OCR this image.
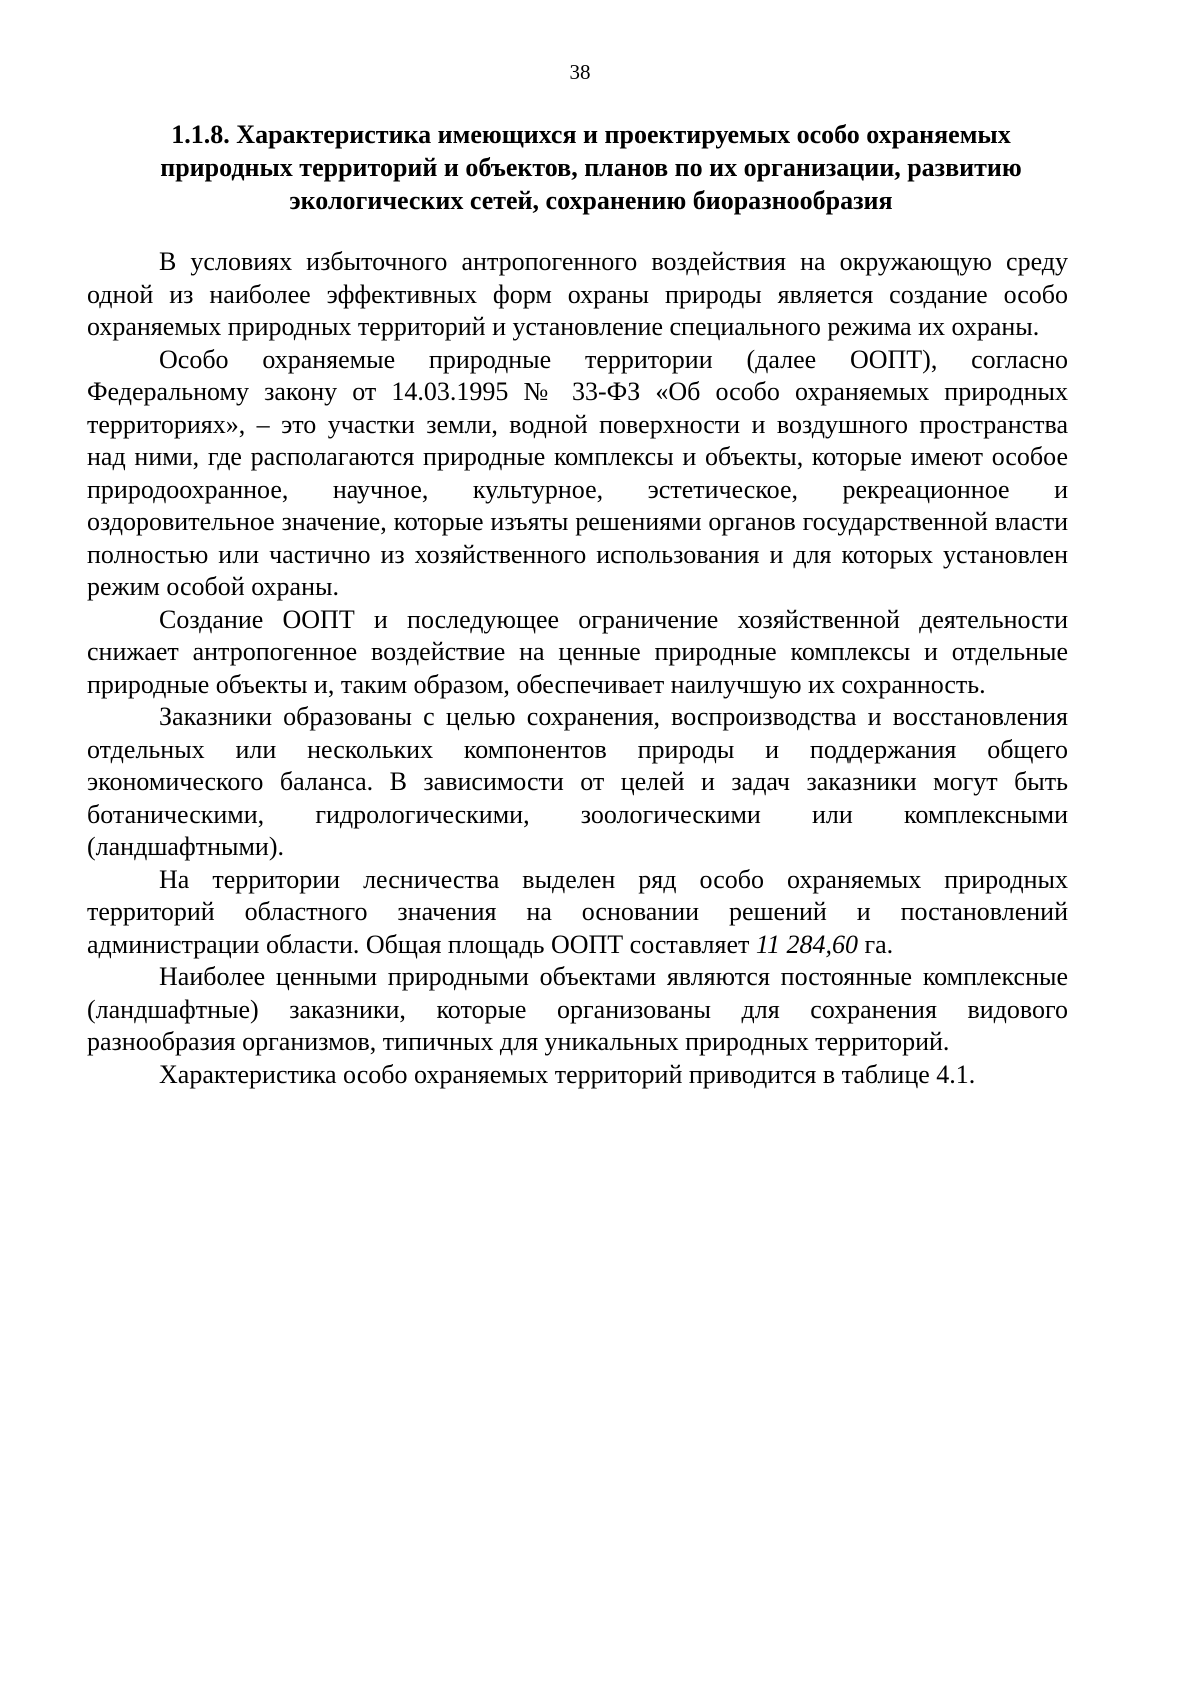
38
1.1.8. Характеристика имеющихся и проектируемых особо охраняемых
природных территорий и объектов, планов по их организации, развитию
экологических сетей, сохранению биоразнообразия

В условиях избыточного антропогенного воздействия на окружающую среду одной из наиболее эффективных форм охраны природы является создание особо охраняемых природных территорий и установление специального режима их охраны.

Особо охраняемые природные территории (далее ООПТ), согласно Федеральному закону от 14.03.1995 № 33-ФЗ «Об особо охраняемых природных территориях», – это участки земли, водной поверхности и воздушного пространства над ними, где располагаются природные комплексы и объекты, которые имеют особое природоохранное, научное, культурное, эстетическое, рекреационное и оздоровительное значение, которые изъяты решениями органов государственной власти полностью или частично из хозяйственного использования и для которых установлен режим особой охраны.

Создание ООПТ и последующее ограничение хозяйственной деятельности снижает антропогенное воздействие на ценные природные комплексы и отдельные природные объекты и, таким образом, обеспечивает наилучшую их сохранность.

Заказники образованы с целью сохранения, воспроизводства и восстановления отдельных или нескольких компонентов природы и поддержания общего экономического баланса. В зависимости от целей и задач заказники могут быть ботаническими, гидрологическими, зоологическими или комплексными (ландшафтными).

На территории лесничества выделен ряд особо охраняемых природных территорий областного значения на основании решений и постановлений администрации области. Общая площадь ООПТ составляет 11 284,60 га.

Наиболее ценными природными объектами являются постоянные комплексные (ландшафтные) заказники, которые организованы для сохранения видового разнообразия организмов, типичных для уникальных природных территорий.

Характеристика особо охраняемых территорий приводится в таблице 4.1.
